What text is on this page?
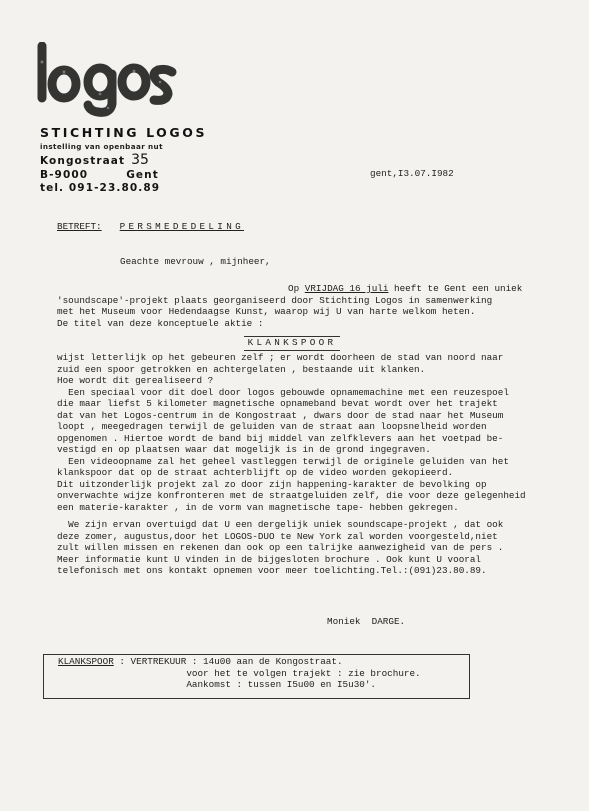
STICHTING LOGOS
instelling van openbaar nut
Kongostraat 35
B-9000	Gent
tel. 091-23.80.89
gent,I3.07.I982
BETREFT: PERSMEDEDELING
Geachte mevrouw , mijnheer,
Op VRIJDAG 16 juli heeft te Gent een uniek
'soundscape'-projekt plaats georganiseerd door Stichting Logos in samenwerking
met het Museum voor Hedendaagse Kunst, waarop wij U van harte welkom heten.
De titel van deze konceptuele aktie :
KLANKSPOOR
wijst letterlijk op het gebeuren zelf ; er wordt doorheen de stad van noord naar
zuid een spoor getrokken en achtergelaten , bestaande uit klanken.
Hoe wordt dit gerealiseerd ?
Een speciaal voor dit doel door logos gebouwde opnamemachine met een reuzespoel
die maar liefst 5 kilometer magnetische opnameband bevat wordt over het trajekt
dat van het Logos-centrum in de Kongostraat , dwars door de stad naar het Museum
loopt , meegedragen terwijl de geluiden van de straat aan loopsnelheid worden
opgenomen . Hiertoe wordt de band bij middel van zelfklevers aan het voetpad be-
vestigd en op plaatsen waar dat mogelijk is in de grond ingegraven.
Een videoopname zal het geheel vastleggen terwijl de originele geluiden van het
klankspoor dat op de straat achterblijft op de video worden gekopieerd.
Dit uitzonderlijk projekt zal zo door zijn happening-karakter de bevolking op
onverwachte wijze konfronteren met de straatgeluiden zelf, die voor deze gelegenheid
een materie-karakter , in de vorm van magnetische tape- hebben gekregen.
We zijn ervan overtuigd dat U een dergelijk uniek soundscape-projekt , dat ook
deze zomer, augustus,door het LOGOS-DUO te New York zal worden voorgesteld,niet
zult willen missen en rekenen dan ook op een talrijke aanwezigheid van de pers .
Meer informatie kunt U vinden in de bijgesloten brochure . Ook kunt U vooral
telefonisch met ons kontakt opnemen voor meer toelichting.Tel.:(091)23.80.89.
Moniek  DARGE.
KLANKSPOOR : VERTREKUUR : 14u00 aan de Kongostraat.
voor het te volgen trajekt : zie brochure.
Aankomst : tussen I5u00 en I5u30'.
